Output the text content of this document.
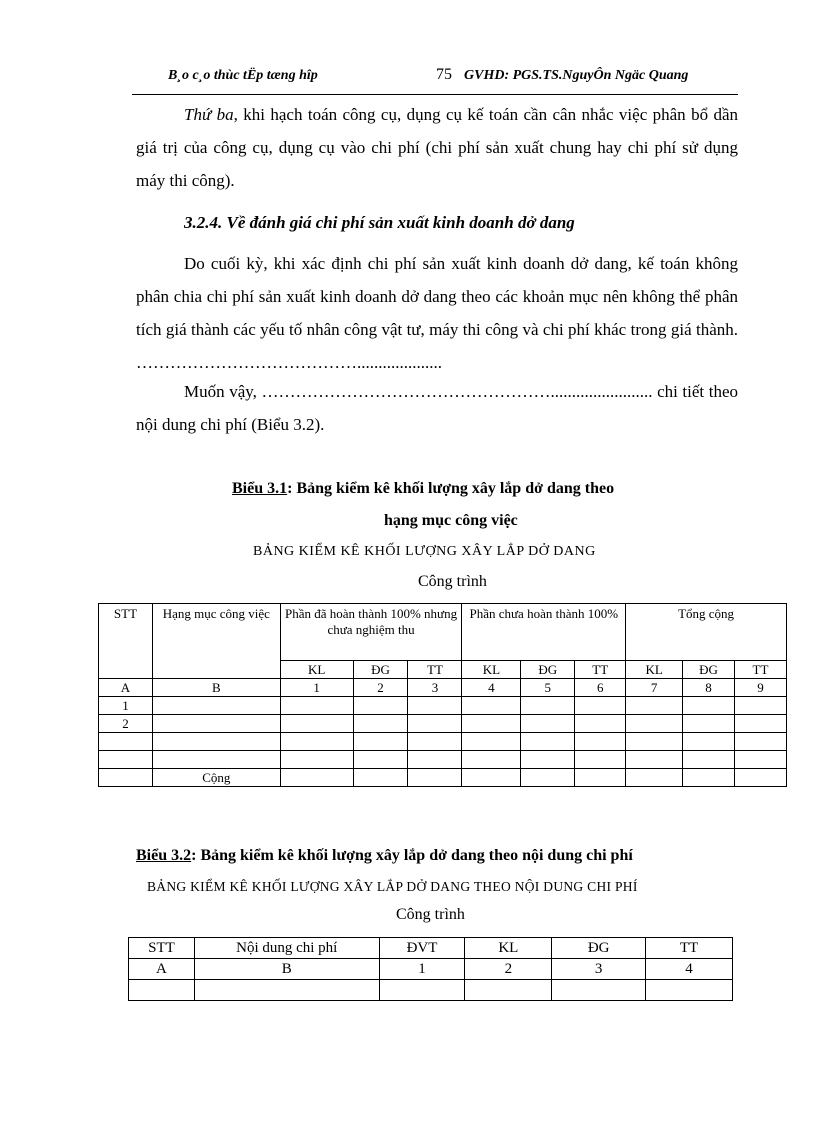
B¸o c¸o thùc tËp tæng hîp	75 GVHD: PGS.TS.NguyÔn Ngäc Quang

Thứ ba, khi hạch toán công cụ, dụng cụ kế toán cần cân nhắc việc phân bổ dần giá trị của công cụ, dụng cụ vào chi phí (chi phí sản xuất chung hay chi phí sử dụng máy thi công).

3.2.4. Về đánh giá chi phí sản xuất kinh doanh dở dang

Do cuối kỳ, khi xác định chi phí sản xuất kinh doanh dở dang, kế toán không phân chia chi phí sản xuất kinh doanh dở dang theo các khoản mục nên không thể phân tích giá thành các yếu tố nhân công vật tư, máy thi công và chi phí khác trong giá thành. …………………………………....................

Muốn vậy, ……………………………………………........................ chi tiết theo nội dung chi phí (Biểu 3.2).

Biểu 3.1: Bảng kiểm kê khối lượng xây lắp dở dang theo
hạng mục công việc
BẢNG KIỂM KÊ KHỐI LƯỢNG XÂY LẮP DỞ DANG
Công trình
STT	Hạng mục công việc	Phần đã hoàn thành 100% nhưng chưa nghiệm thu			Phần chưa hoàn thành 100%			Tổng cộng		
		KL	ĐG	TT	KL	ĐG	TT	KL	ĐG	TT
A	B	1	2	3	4	5	6	7	8	9
1										
2										

	Cộng									
Biểu 3.2: Bảng kiểm kê khối lượng xây lắp dở dang theo nội dung chi phí
BẢNG KIỂM KÊ KHỐI LƯỢNG XÂY LẮP DỞ DANG THEO NỘI DUNG CHI PHÍ
Công trình
STT	Nội dung chi phí	ĐVT	KL	ĐG	TT
A	B	1	2	3	4
